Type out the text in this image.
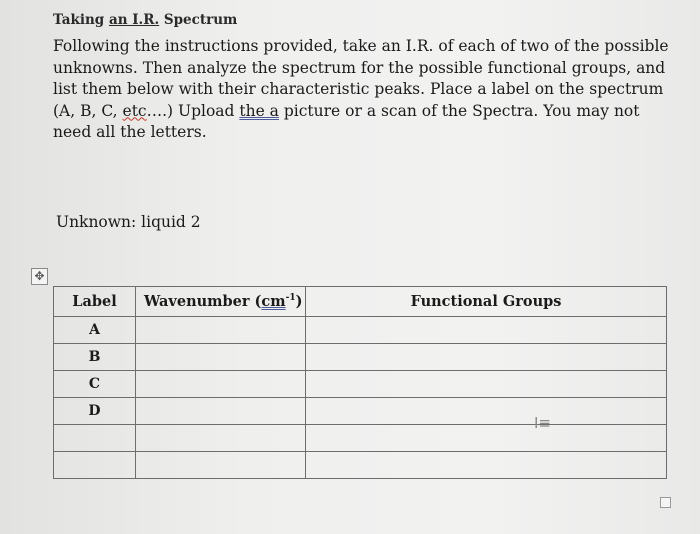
Taking an I.R. Spectrum

Following the instructions provided, take an I.R. of each of two of the possible unknowns. Then analyze the spectrum for the possible functional groups, and list them below with their characteristic peaks. Place a label on the spectrum (A, B, C, etc….) Upload the a picture or a scan of the Spectra. You may not need all the letters.

Unknown: liquid 2
✥
Label	Wavenumber $(cm^{-1})$	Functional Groups
A		
B		
C		
D		

I≡
